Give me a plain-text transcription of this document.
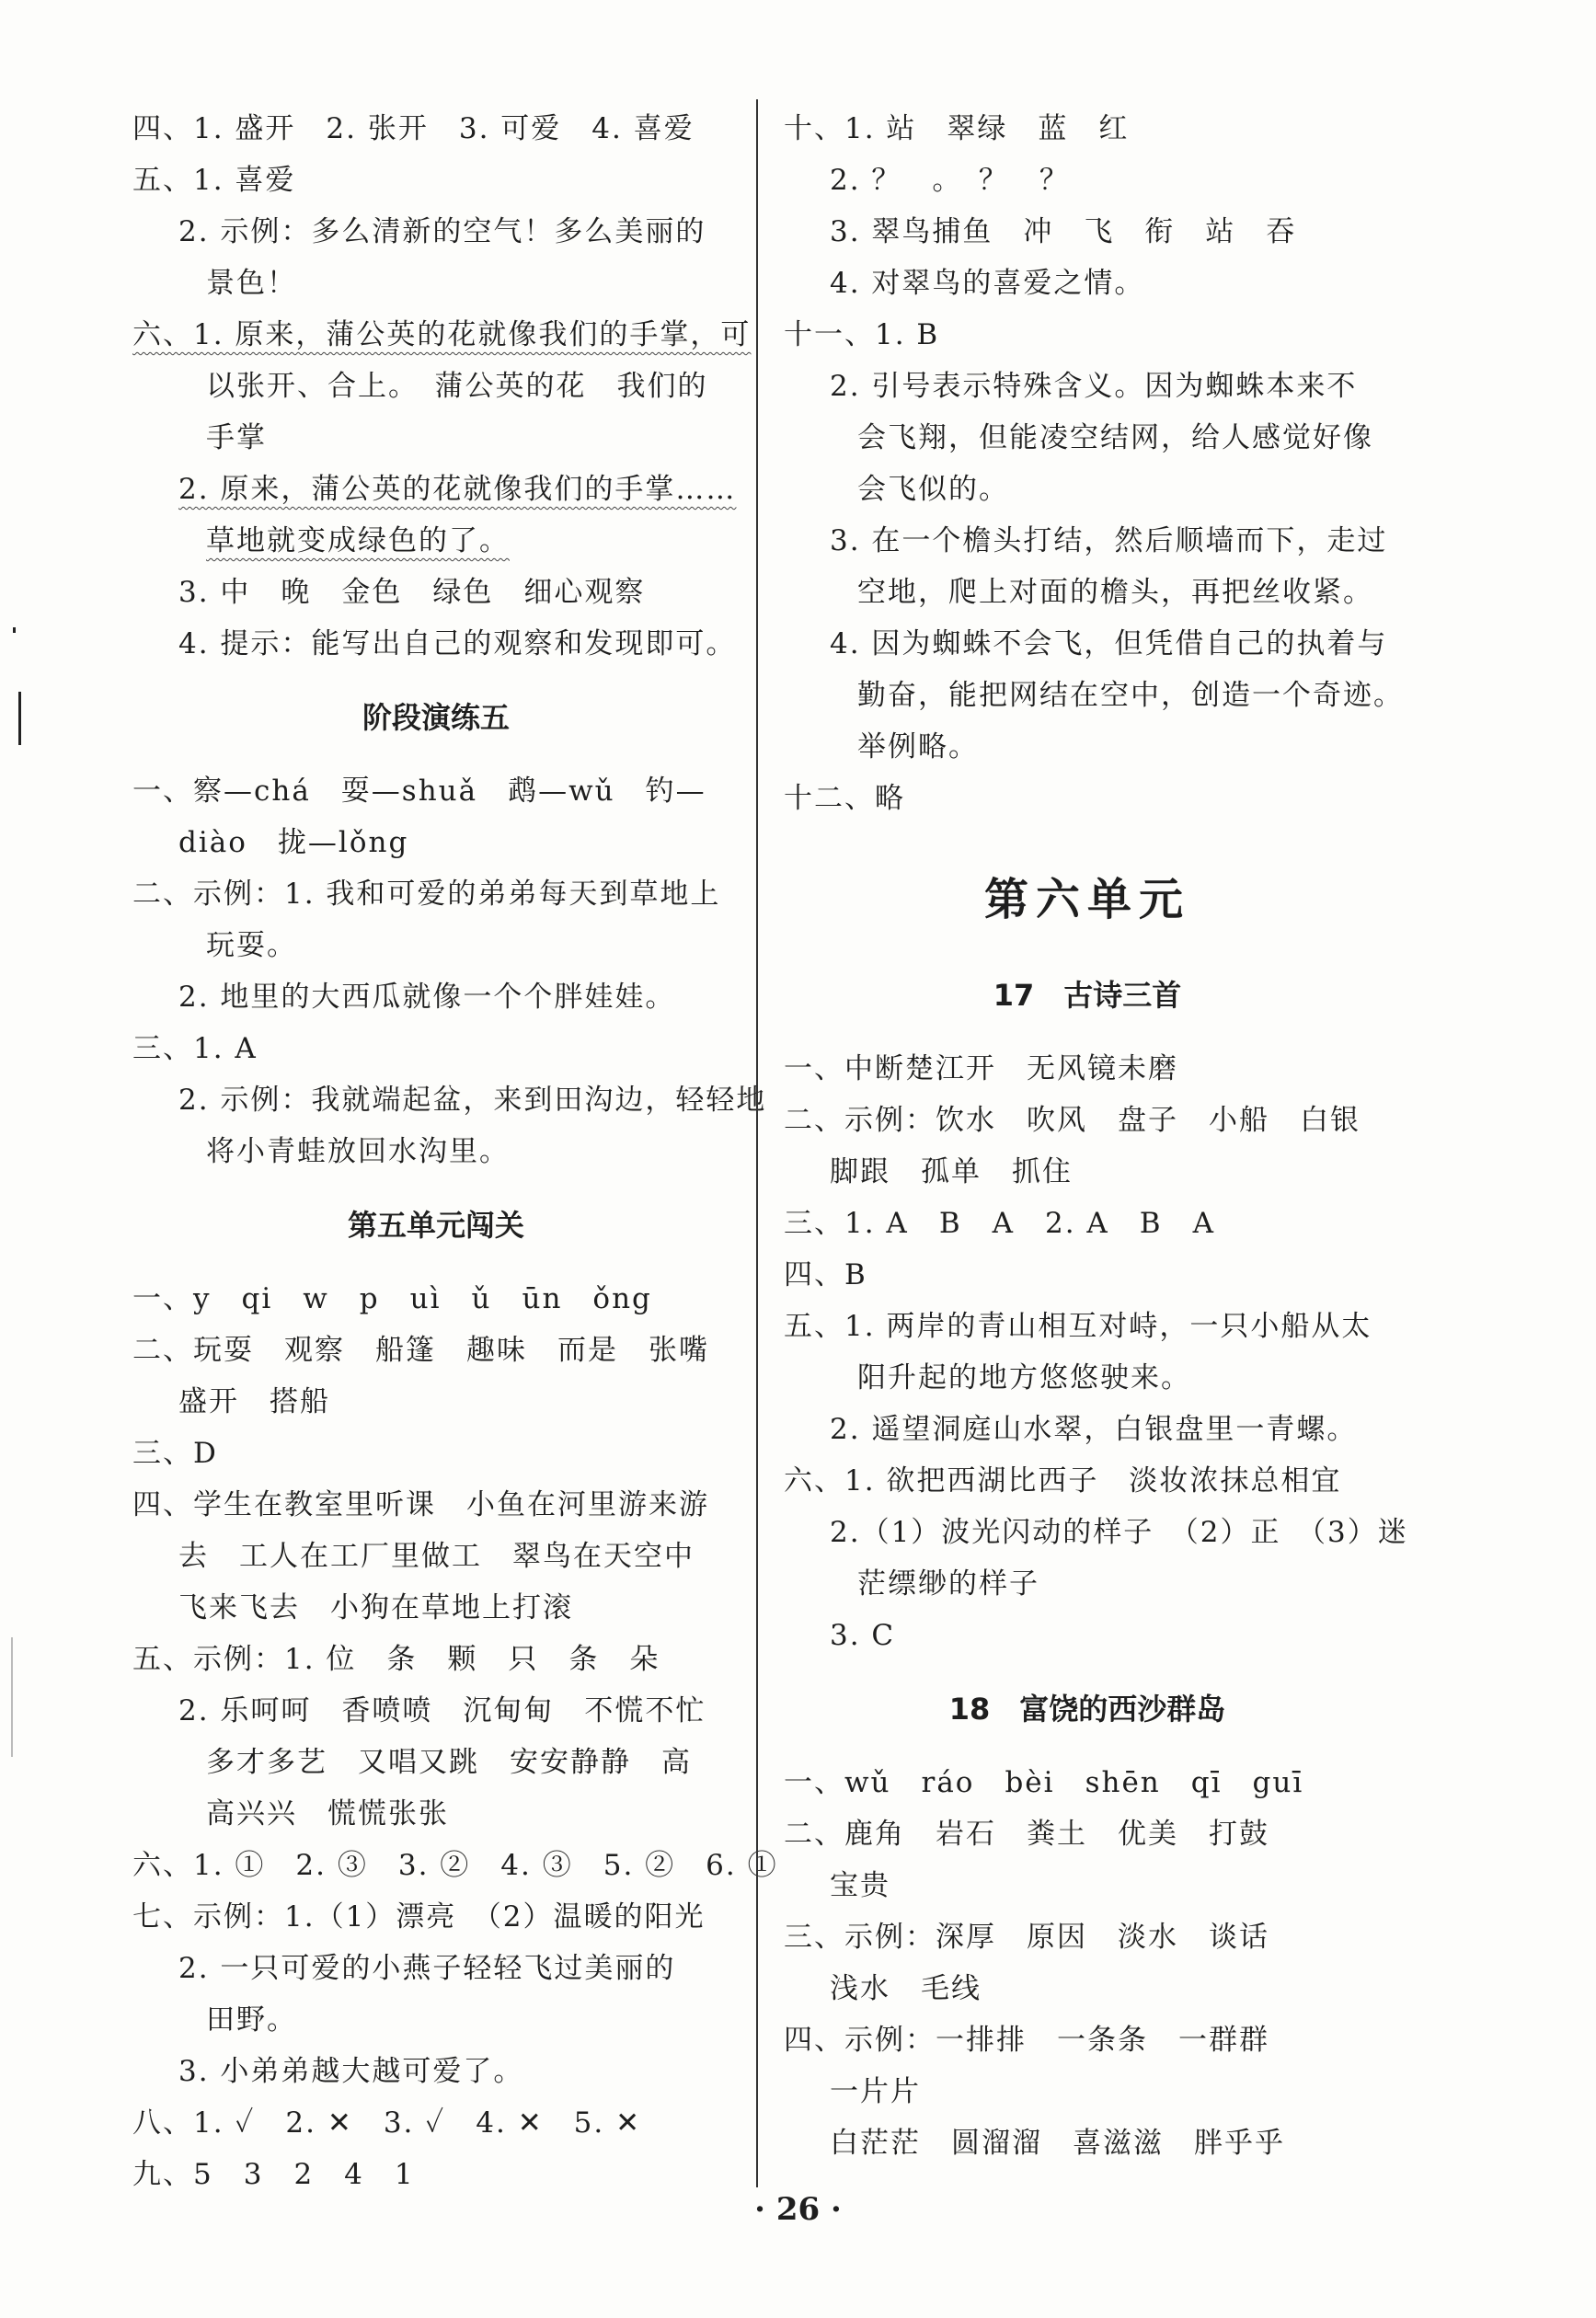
四、1. 盛开　2. 张开　3. 可爱　4. 喜爱
五、1. 喜爱
2. 示例：多么清新的空气！多么美丽的
景色！
六、1. 原来，蒲公英的花就像我们的手掌，可
以张开、合上。　蒲公英的花　我们的
手掌
2. 原来，蒲公英的花就像我们的手掌……
草地就变成绿色的了。
3. 中　晚　金色　绿色　细心观察
4. 提示：能写出自己的观察和发现即可。
阶段演练五
一、察—chá　耍—shuǎ　鹉—wǔ　钓—
diào　拢—lǒng
二、示例：1. 我和可爱的弟弟每天到草地上
玩耍。
2. 地里的大西瓜就像一个个胖娃娃。
三、1. A
2. 示例：我就端起盆，来到田沟边，轻轻地
将小青蛙放回水沟里。
第五单元闯关
一、y　qi　w　p　uì　ǔ　ūn　ǒng
二、玩耍　观察　船篷　趣味　而是　张嘴
盛开　搭船
三、D
四、学生在教室里听课　小鱼在河里游来游
去　工人在工厂里做工　翠鸟在天空中
飞来飞去　小狗在草地上打滚
五、示例：1. 位　条　颗　只　条　朵
2. 乐呵呵　香喷喷　沉甸甸　不慌不忙
多才多艺　又唱又跳　安安静静　高
高兴兴　慌慌张张
六、1. ①　2. ③　3. ②　4. ③　5. ②　6. ①
七、示例：1.（1）漂亮　（2）温暖的阳光
2. 一只可爱的小燕子轻轻飞过美丽的
田野。
3. 小弟弟越大越可爱了。
八、1. ✓　2. ✕　3. ✓　4. ✕　5. ✕
九、5　3　2　4　1
十、1. 站　翠绿　蓝　红
2. ？　。　？　？
3. 翠鸟捕鱼　冲　飞　衔　站　吞
4. 对翠鸟的喜爱之情。
十一、1. B
2. 引号表示特殊含义。因为蜘蛛本来不
会飞翔，但能凌空结网，给人感觉好像
会飞似的。
3. 在一个檐头打结，然后顺墙而下，走过
空地，爬上对面的檐头，再把丝收紧。
4. 因为蜘蛛不会飞，但凭借自己的执着与
勤奋，能把网结在空中，创造一个奇迹。
举例略。
十二、略
第六单元
17　古诗三首
一、中断楚江开　无风镜未磨
二、示例：饮水　吹风　盘子　小船　白银
脚跟　孤单　抓住
三、1. A　B　A　2. A　B　A
四、B
五、1. 两岸的青山相互对峙，一只小船从太
阳升起的地方悠悠驶来。
2. 遥望洞庭山水翠，白银盘里一青螺。
六、1. 欲把西湖比西子　淡妆浓抹总相宜
2.（1）波光闪动的样子　（2）正　（3）迷
茫缥缈的样子
3. C
18　富饶的西沙群岛
一、wǔ　ráo　bèi　shēn　qī　guī
二、鹿角　岩石　粪土　优美　打鼓
宝贵
三、示例：深厚　原因　淡水　谈话
浅水　毛线
四、示例：一排排　一条条　一群群
一片片
白茫茫　圆溜溜　喜滋滋　胖乎乎
· 26 ·
